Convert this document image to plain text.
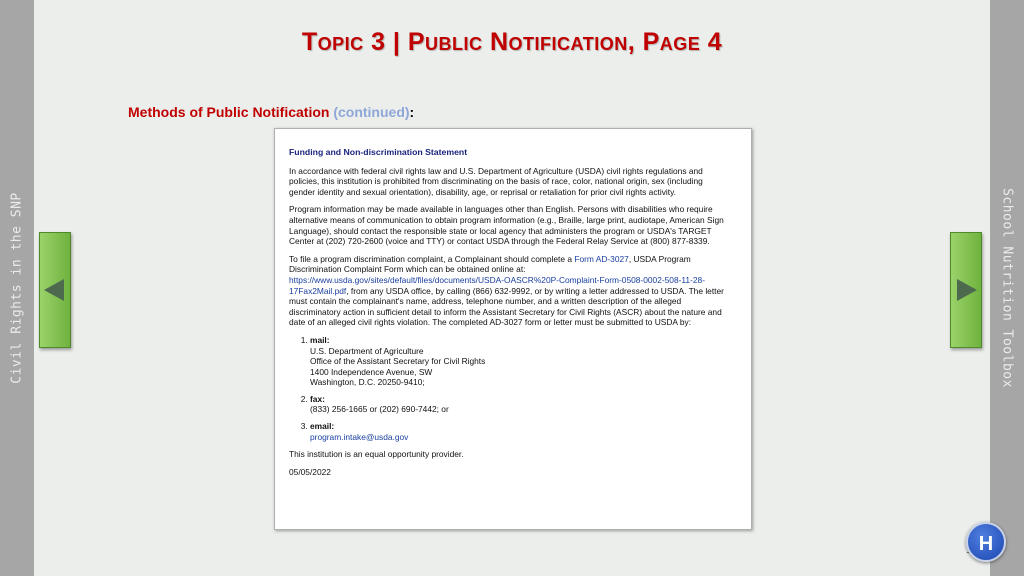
Topic 3 | Public Notification, Page 4
Methods of Public Notification (continued):
Funding and Non-discrimination Statement

In accordance with federal civil rights law and U.S. Department of Agriculture (USDA) civil rights regulations and policies, this institution is prohibited from discriminating on the basis of race, color, national origin, sex (including gender identity and sexual orientation), disability, age, or reprisal or retaliation for prior civil rights activity.

Program information may be made available in languages other than English. Persons with disabilities who require alternative means of communication to obtain program information (e.g., Braille, large print, audiotape, American Sign Language), should contact the responsible state or local agency that administers the program or USDA's TARGET Center at (202) 720-2600 (voice and TTY) or contact USDA through the Federal Relay Service at (800) 877-8339.

To file a program discrimination complaint, a Complainant should complete a Form AD-3027, USDA Program Discrimination Complaint Form which can be obtained online at: https://www.usda.gov/sites/default/files/documents/USDA-OASCR%20P-Complaint-Form-0508-0002-508-11-28-17Fax2Mail.pdf, from any USDA office, by calling (866) 632-9992, or by writing a letter addressed to USDA. The letter must contain the complainant's name, address, telephone number, and a written description of the alleged discriminatory action in sufficient detail to inform the Assistant Secretary for Civil Rights (ASCR) about the nature and date of an alleged civil rights violation. The completed AD-3027 form or letter must be submitted to USDA by:

1. mail:
U.S. Department of Agriculture
Office of the Assistant Secretary for Civil Rights
1400 Independence Avenue, SW
Washington, D.C. 20250-9410;
2. fax:
(833) 256-1665 or (202) 690-7442; or
3. email:
program.intake@usda.gov

This institution is an equal opportunity provider.

05/05/2022

Civil Rights in the SNP	School Nutrition Toolbox
H
